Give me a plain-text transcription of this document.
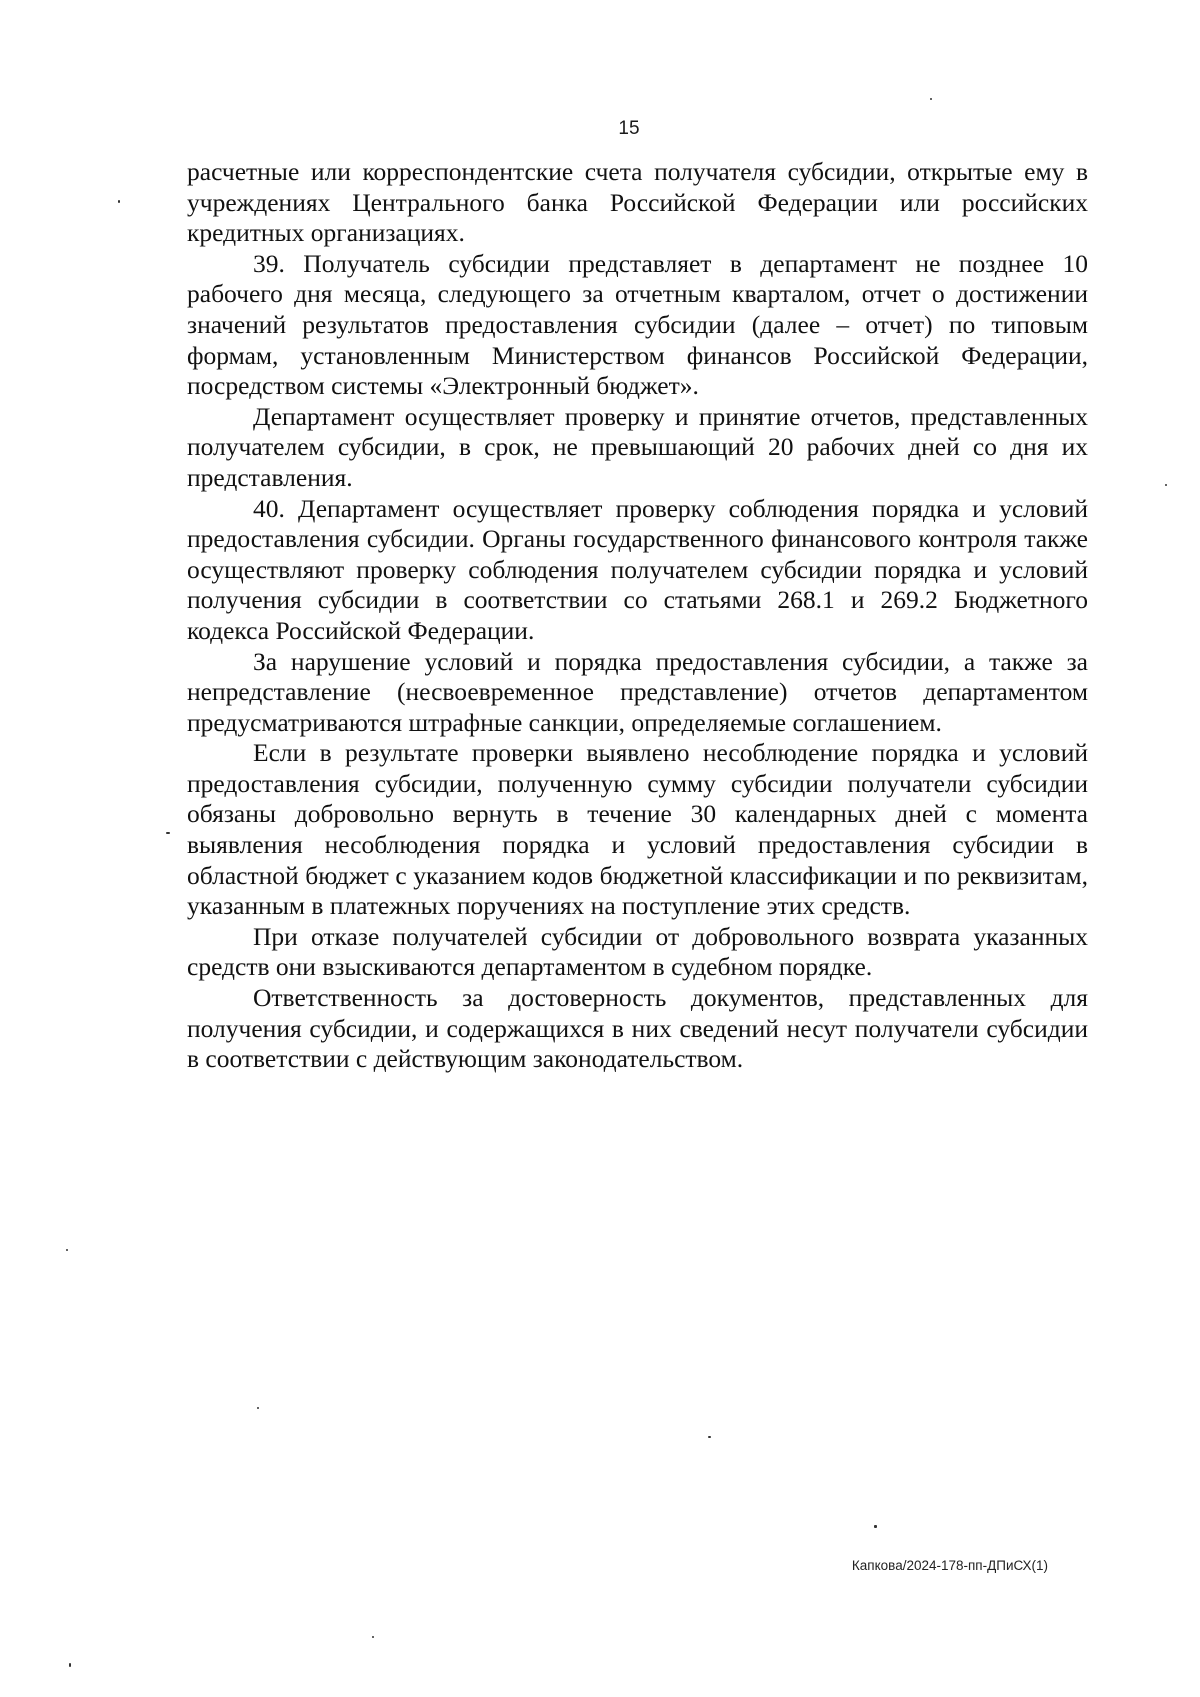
15

расчетные или корреспондентские счета получателя субсидии, открытые ему в учреждениях Центрального банка Российской Федерации или российских кредитных организациях.

39. Получатель субсидии представляет в департамент не позднее 10 рабочего дня месяца, следующего за отчетным кварталом, отчет о достижении значений результатов предоставления субсидии (далее – отчет) по типовым формам, установленным Министерством финансов Российской Федерации, посредством системы «Электронный бюджет».

Департамент осуществляет проверку и принятие отчетов, представленных получателем субсидии, в срок, не превышающий 20 рабочих дней со дня их представления.

40. Департамент осуществляет проверку соблюдения порядка и условий предоставления субсидии. Органы государственного финансового контроля также осуществляют проверку соблюдения получателем субсидии порядка и условий получения субсидии в соответствии со статьями 268.1 и 269.2 Бюджетного кодекса Российской Федерации.

За нарушение условий и порядка предоставления субсидии, а также за непредставление (несвоевременное представление) отчетов департаментом предусматриваются штрафные санкции, определяемые соглашением.

Если в результате проверки выявлено несоблюдение порядка и условий предоставления субсидии, полученную сумму субсидии получатели субсидии обязаны добровольно вернуть в течение 30 календарных дней с момента выявления несоблюдения порядка и условий предоставления субсидии в областной бюджет с указанием кодов бюджетной классификации и по реквизитам, указанным в платежных поручениях на поступление этих средств.

При отказе получателей субсидии от добровольного возврата указанных средств они взыскиваются департаментом в судебном порядке.

Ответственность за достоверность документов, представленных для получения субсидии, и содержащихся в них сведений несут получатели субсидии в соответствии с действующим законодательством.

Капкова/2024-178-пп-ДПиСХ(1)
